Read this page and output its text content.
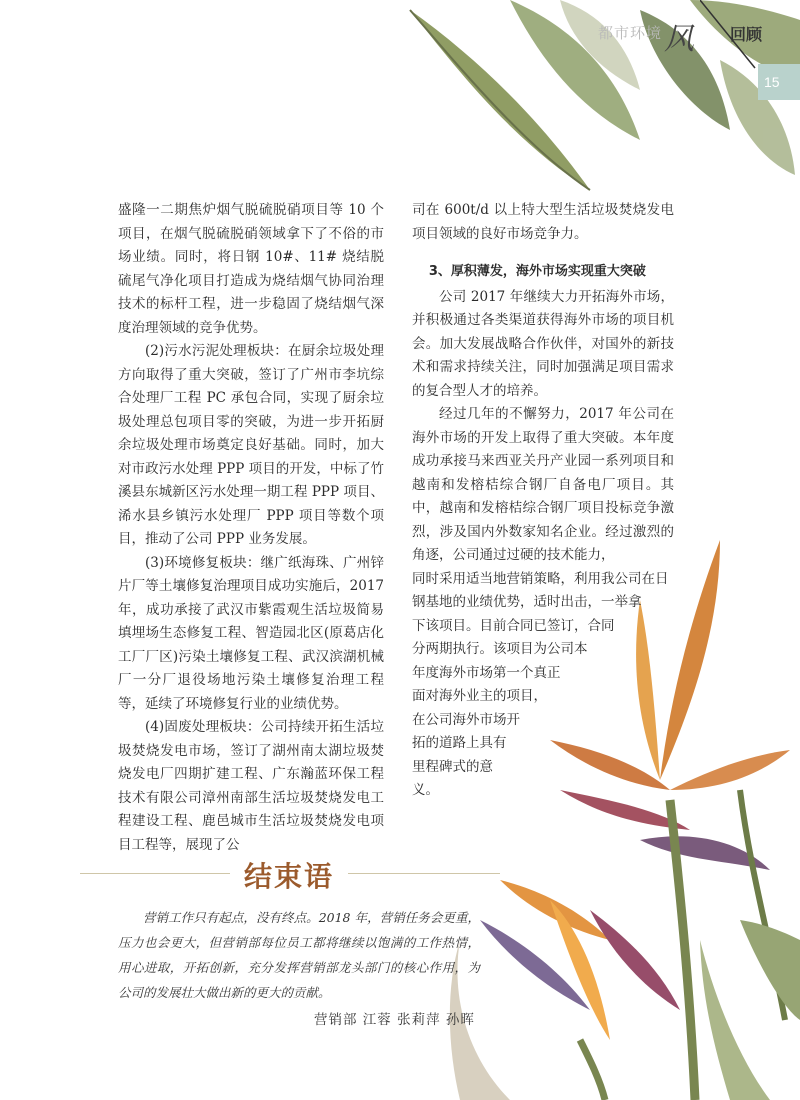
都市环境 风 回顾
15

盛隆一二期焦炉烟气脱硫脱硝项目等 10 个项目，在烟气脱硫脱硝领域拿下了不俗的市场业绩。同时，将日钢 10#、11# 烧结脱硫尾气净化项目打造成为烧结烟气协同治理技术的标杆工程，进一步稳固了烧结烟气深度治理领域的竞争优势。

(2)污水污泥处理板块：在厨余垃圾处理方向取得了重大突破，签订了广州市李坑综合处理厂工程 PC 承包合同，实现了厨余垃圾处理总包项目零的突破，为进一步开拓厨余垃圾处理市场奠定良好基础。同时，加大对市政污水处理 PPP 项目的开发，中标了竹溪县东城新区污水处理一期工程 PPP 项目、浠水县乡镇污水处理厂 PPP 项目等数个项目，推动了公司 PPP 业务发展。

(3)环境修复板块：继广纸海珠、广州锌片厂等土壤修复治理项目成功实施后，2017 年，成功承接了武汉市紫霞观生活垃圾简易填埋场生态修复工程、智造园北区(原葛店化工厂厂区)污染土壤修复工程、武汉滨湖机械厂一分厂退役场地污染土壤修复治理工程等，延续了环境修复行业的业绩优势。

(4)固废处理板块：公司持续开拓生活垃圾焚烧发电市场，签订了湖州南太湖垃圾焚烧发电厂四期扩建工程、广东瀚蓝环保工程技术有限公司漳州南部生活垃圾焚烧发电工程建设工程、鹿邑城市生活垃圾焚烧发电项目工程等，展现了公

司在 600t/d 以上特大型生活垃圾焚烧发电项目领域的良好市场竞争力。

3、厚积薄发，海外市场实现重大突破

公司 2017 年继续大力开拓海外市场，并积极通过各类渠道获得海外市场的项目机会。加大发展战略合作伙伴，对国外的新技术和需求持续关注，同时加强满足项目需求的复合型人才的培养。

经过几年的不懈努力，2017 年公司在海外市场的开发上取得了重大突破。本年度成功承接马来西亚关丹产业园一系列项目和越南和发榕桔综合钢厂自备电厂项目。其中，越南和发榕桔综合钢厂项目投标竞争激烈，涉及国内外数家知名企业。经过激烈的角逐，公司通过过硬的技术能力，

同时采用适当地营销策略，利用我公司在日
钢基地的业绩优势，适时出击，一举拿
下该项目。目前合同已签订，合同
分两期执行。该项目为公司本
年度海外市场第一个真正
面对海外业主的项目，
在公司海外市场开
拓的道路上具有
里程碑式的意
义。
结束语

营销工作只有起点，没有终点。2018 年，营销任务会更重，压力也会更大，但营销部每位员工都将继续以饱满的工作热情，用心进取，开拓创新，充分发挥营销部龙头部门的核心作用，为公司的发展壮大做出新的更大的贡献。

营销部 江蓉 张莉萍 孙晖
